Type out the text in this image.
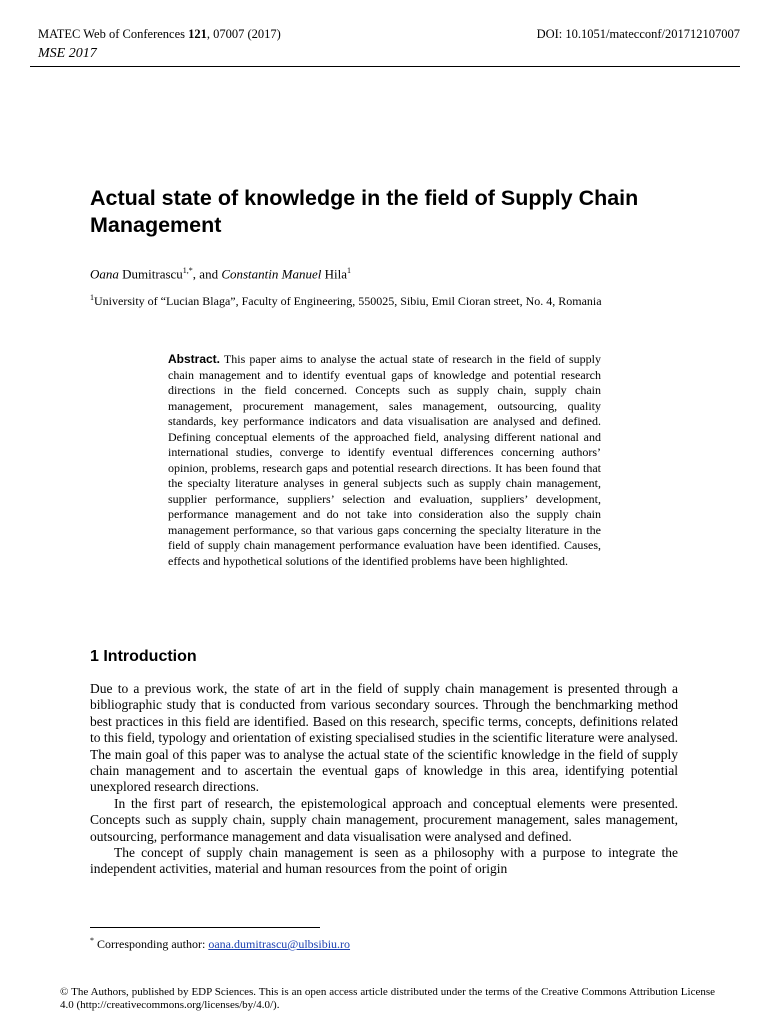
MATEC Web of Conferences 121, 07007 (2017)	DOI: 10.1051/matecconf/201712107007
MSE 2017
Actual state of knowledge in the field of Supply Chain Management
Oana Dumitrascu$^{1,*}$, and Constantin Manuel Hila$^1$
$^1$University of “Lucian Blaga”, Faculty of Engineering, 550025, Sibiu, Emil Cioran street, No. 4, Romania

Abstract. This paper aims to analyse the actual state of research in the field of supply chain management and to identify eventual gaps of knowledge and potential research directions in the field concerned. Concepts such as supply chain, supply chain management, procurement management, sales management, outsourcing, quality standards, key performance indicators and data visualisation are analysed and defined. Defining conceptual elements of the approached field, analysing different national and international studies, converge to identify eventual differences concerning authors’ opinion, problems, research gaps and potential research directions. It has been found that the specialty literature analyses in general subjects such as supply chain management, supplier performance, suppliers’ selection and evaluation, suppliers’ development, performance management and do not take into consideration also the supply chain management performance, so that various gaps concerning the specialty literature in the field of supply chain management performance evaluation have been identified. Causes, effects and hypothetical solutions of the identified problems have been highlighted.

1 Introduction

Due to a previous work, the state of art in the field of supply chain management is presented through a bibliographic study that is conducted from various secondary sources. Through the benchmarking method best practices in this field are identified. Based on this research, specific terms, concepts, definitions related to this field, typology and orientation of existing specialised studies in the scientific literature were analysed. The main goal of this paper was to analyse the actual state of the scientific knowledge in the field of supply chain management and to ascertain the eventual gaps of knowledge in this area, identifying potential unexplored research directions.

In the first part of research, the epistemological approach and conceptual elements were presented. Concepts such as supply chain, supply chain management, procurement management, sales management, outsourcing, performance management and data visualisation were analysed and defined.

The concept of supply chain management is seen as a philosophy with a purpose to integrate the independent activities, material and human resources from the point of origin

* Corresponding author: oana.dumitrascu@ulbsibiu.ro
© The Authors, published by EDP Sciences. This is an open access article distributed under the terms of the Creative Commons Attribution License 4.0 (http://creativecommons.org/licenses/by/4.0/).
